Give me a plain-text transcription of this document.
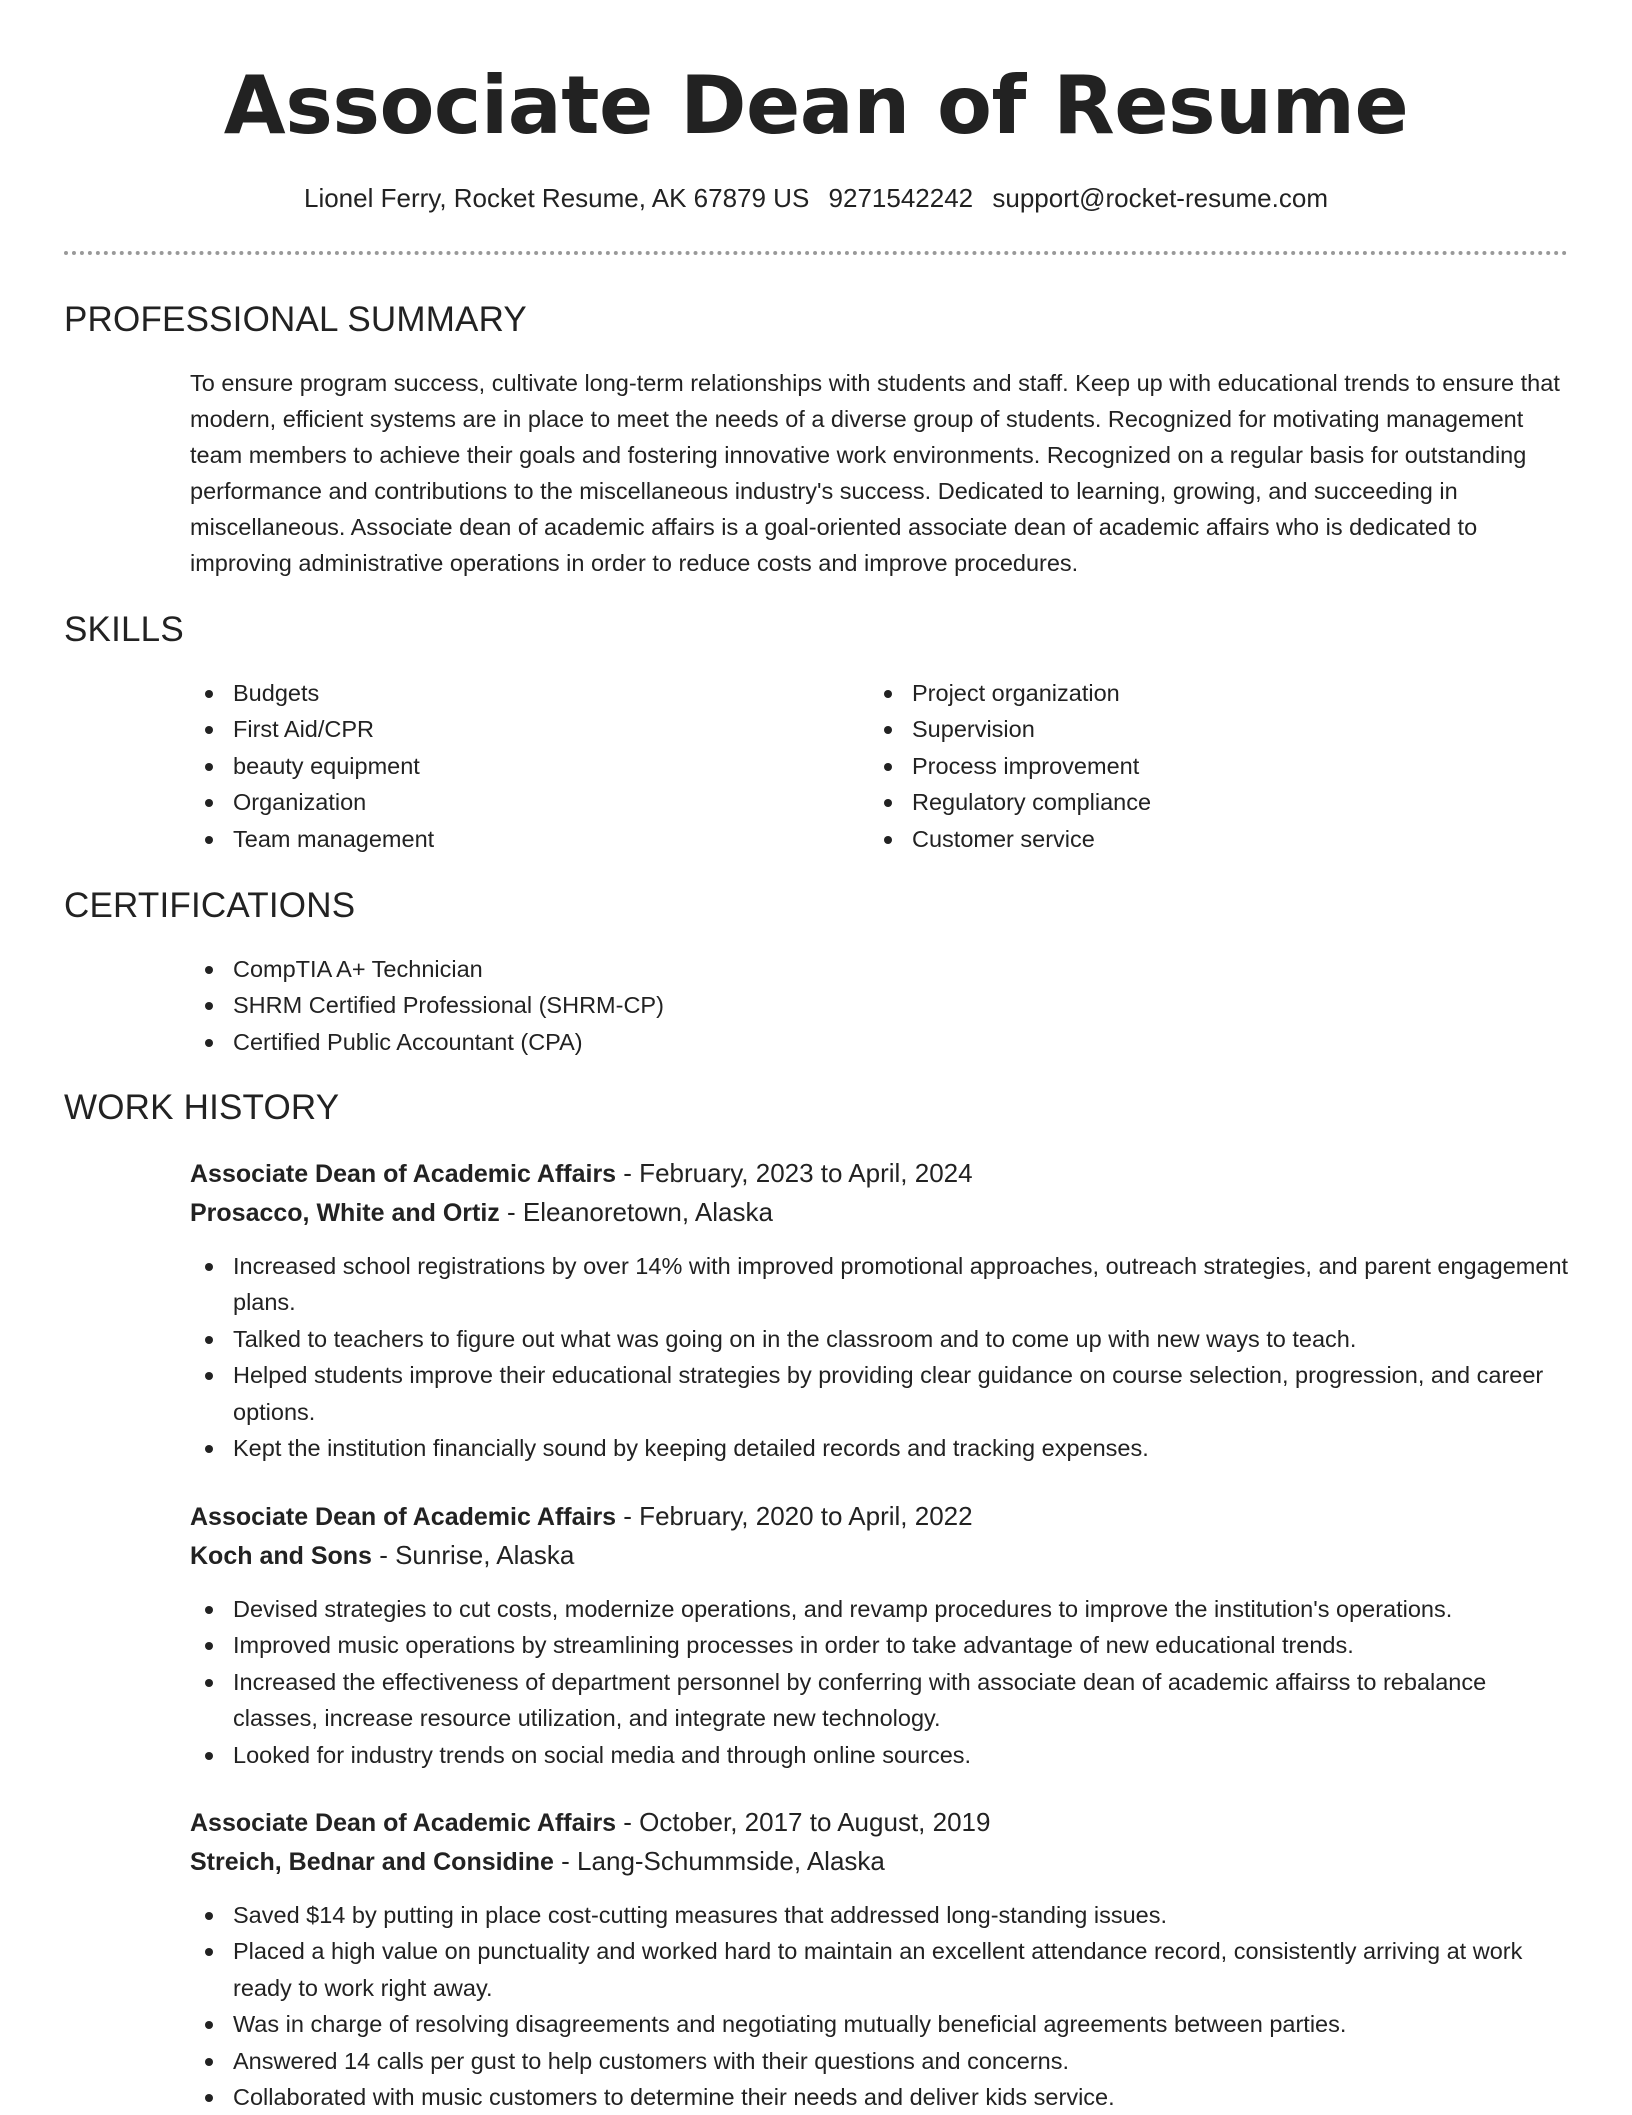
Associate Dean of Resume
Lionel Ferry, Rocket Resume, AK 67879 US 9271542242 support@rocket-resume.com
PROFESSIONAL SUMMARY

To ensure program success, cultivate long-term relationships with students and staff. Keep up with educational trends to ensure that modern, efficient systems are in place to meet the needs of a diverse group of students. Recognized for motivating management team members to achieve their goals and fostering innovative work environments. Recognized on a regular basis for outstanding performance and contributions to the miscellaneous industry's success. Dedicated to learning, growing, and succeeding in miscellaneous. Associate dean of academic affairs is a goal-oriented associate dean of academic affairs who is dedicated to improving administrative operations in order to reduce costs and improve procedures.

SKILLS
Budgets
First Aid/CPR
beauty equipment
Organization
Team management
Project organization
Supervision
Process improvement
Regulatory compliance
Customer service
CERTIFICATIONS
CompTIA A+ Technician
SHRM Certified Professional (SHRM-CP)
Certified Public Accountant (CPA)
WORK HISTORY
Associate Dean of Academic Affairs - February, 2023 to April, 2024
Prosacco, White and Ortiz - Eleanoretown, Alaska
Increased school registrations by over 14% with improved promotional approaches, outreach strategies, and parent engagement plans.
Talked to teachers to figure out what was going on in the classroom and to come up with new ways to teach.
Helped students improve their educational strategies by providing clear guidance on course selection, progression, and career options.
Kept the institution financially sound by keeping detailed records and tracking expenses.
Associate Dean of Academic Affairs - February, 2020 to April, 2022
Koch and Sons - Sunrise, Alaska
Devised strategies to cut costs, modernize operations, and revamp procedures to improve the institution's operations.
Improved music operations by streamlining processes in order to take advantage of new educational trends.
Increased the effectiveness of department personnel by conferring with associate dean of academic affairss to rebalance classes, increase resource utilization, and integrate new technology.
Looked for industry trends on social media and through online sources.
Associate Dean of Academic Affairs - October, 2017 to August, 2019
Streich, Bednar and Considine - Lang-Schummside, Alaska
Saved $14 by putting in place cost-cutting measures that addressed long-standing issues.
Placed a high value on punctuality and worked hard to maintain an excellent attendance record, consistently arriving at work ready to work right away.
Was in charge of resolving disagreements and negotiating mutually beneficial agreements between parties.
Answered 14 calls per gust to help customers with their questions and concerns.
Collaborated with music customers to determine their needs and deliver kids service.
